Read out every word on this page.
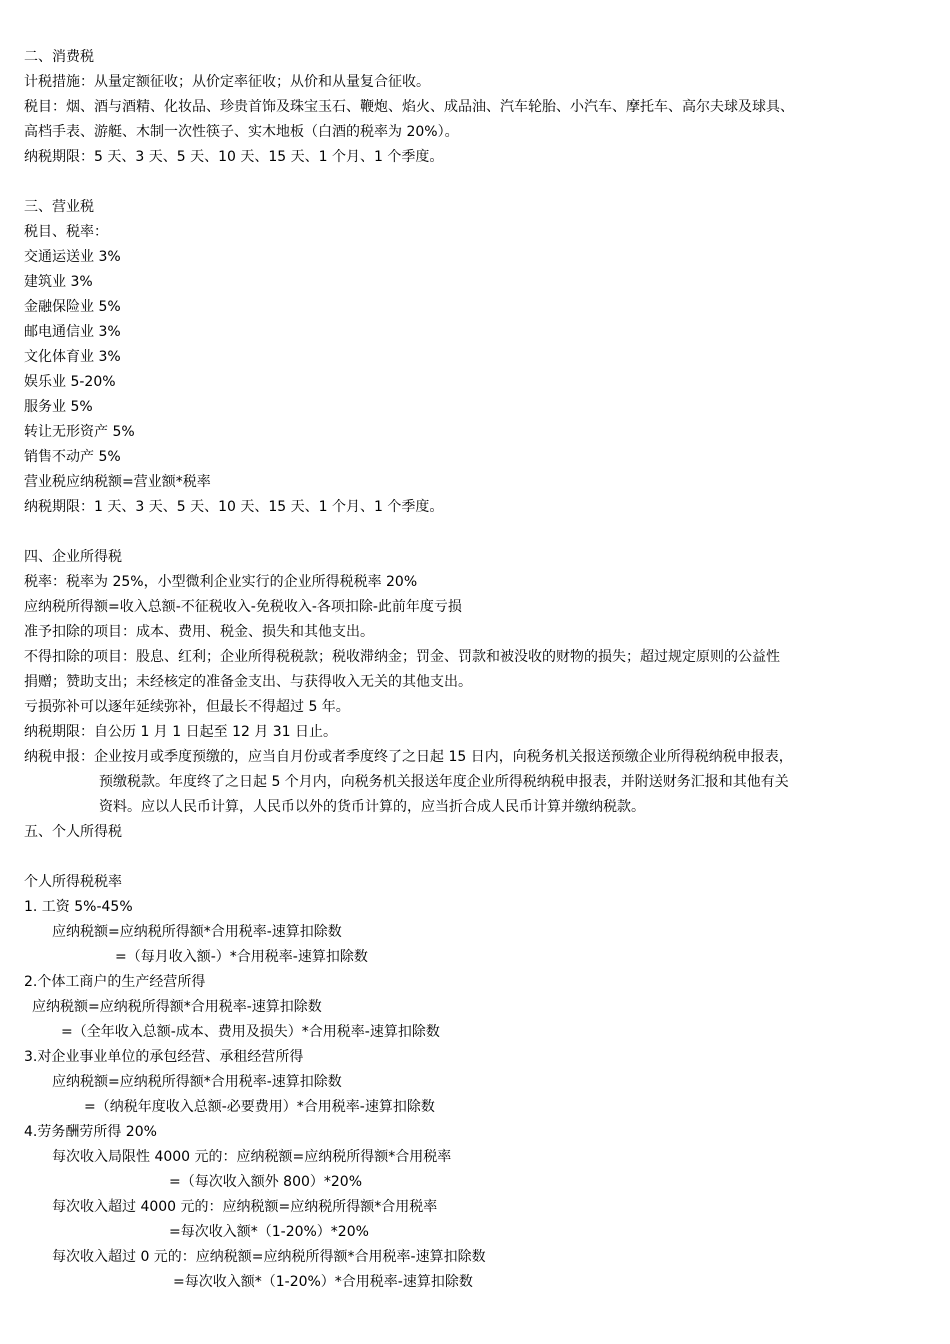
二、消费税
计税措施：从量定额征收；从价定率征收；从价和从量复合征收。
税目：烟、酒与酒精、化妆品、珍贵首饰及珠宝玉石、鞭炮、焰火、成品油、汽车轮胎、小汽车、摩托车、高尔夫球及球具、
高档手表、游艇、木制一次性筷子、实木地板（白酒的税率为 20%）。
纳税期限：5 天、3 天、5 天、10 天、15 天、1 个月、1 个季度。
三、营业税
税目、税率：
交通运送业 3%
建筑业 3%
金融保险业 5%
邮电通信业 3%
文化体育业 3%
娱乐业 5-20%
服务业 5%
转让无形资产 5%
销售不动产 5%
营业税应纳税额=营业额*税率
纳税期限：1 天、3 天、5 天、10 天、15 天、1 个月、1 个季度。
四、企业所得税
税率：税率为 25%，小型微利企业实行的企业所得税税率 20%
应纳税所得额=收入总额-不征税收入-免税收入-各项扣除-此前年度亏损
准予扣除的项目：成本、费用、税金、损失和其他支出。
不得扣除的项目：股息、红利；企业所得税税款；税收滞纳金；罚金、罚款和被没收的财物的损失；超过规定原则的公益性
捐赠；赞助支出；未经核定的准备金支出、与获得收入无关的其他支出。
亏损弥补可以逐年延续弥补，但最长不得超过 5 年。
纳税期限：自公历 1 月 1 日起至 12 月 31 日止。
纳税申报：企业按月或季度预缴的，应当自月份或者季度终了之日起 15 日内，向税务机关报送预缴企业所得税纳税申报表，
预缴税款。年度终了之日起 5 个月内，向税务机关报送年度企业所得税纳税申报表，并附送财务汇报和其他有关
资料。应以人民币计算，人民币以外的货币计算的，应当折合成人民币计算并缴纳税款。
五、个人所得税
个人所得税税率
1. 工资 5%-45%
应纳税额=应纳税所得额*合用税率-速算扣除数
=（每月收入额-）*合用税率-速算扣除数
2.个体工商户的生产经营所得
应纳税额=应纳税所得额*合用税率-速算扣除数
=（全年收入总额-成本、费用及损失）*合用税率-速算扣除数
3.对企业事业单位的承包经营、承租经营所得
应纳税额=应纳税所得额*合用税率-速算扣除数
=（纳税年度收入总额-必要费用）*合用税率-速算扣除数
4.劳务酬劳所得 20%
每次收入局限性 4000 元的：应纳税额=应纳税所得额*合用税率
=（每次收入额外 800）*20%
每次收入超过 4000 元的：应纳税额=应纳税所得额*合用税率
=每次收入额*（1-20%）*20%
每次收入超过 0 元的：应纳税额=应纳税所得额*合用税率-速算扣除数
=每次收入额*（1-20%）*合用税率-速算扣除数
